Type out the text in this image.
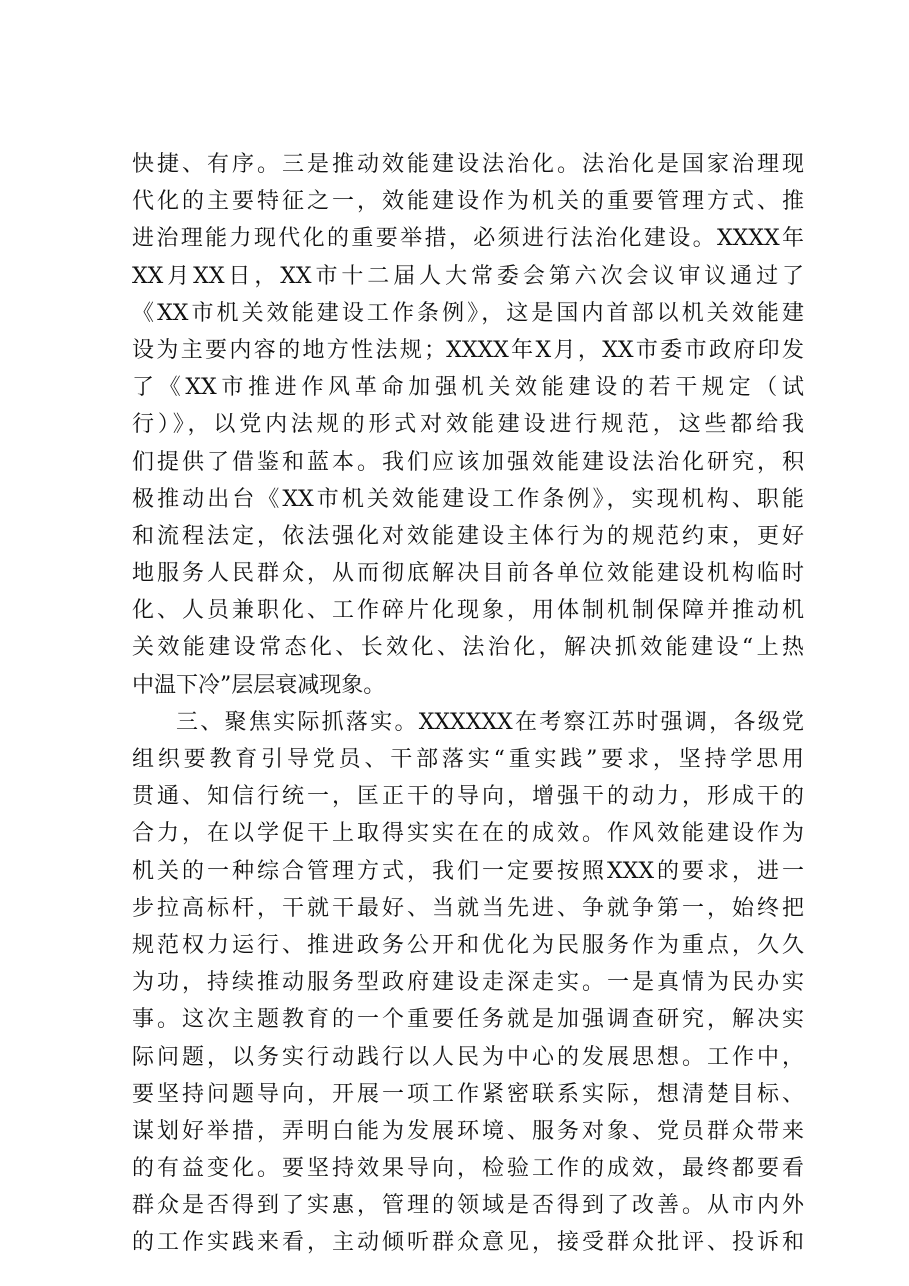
快捷、有序。三是推动效能建设法治化。法治化是国家治理现
代化的主要特征之一，效能建设作为机关的重要管理方式、推
进治理能力现代化的重要举措，必须进行法治化建设。XXXX年
XX月XX日，XX市十二届人大常委会第六次会议审议通过了
《XX市机关效能建设工作条例》，这是国内首部以机关效能建
设为主要内容的地方性法规；XXXX年X月，XX市委市政府印发
了《XX市推进作风革命加强机关效能建设的若干规定（试
行）》，以党内法规的形式对效能建设进行规范，这些都给我
们提供了借鉴和蓝本。我们应该加强效能建设法治化研究，积
极推动出台《XX市机关效能建设工作条例》，实现机构、职能
和流程法定，依法强化对效能建设主体行为的规范约束，更好
地服务人民群众，从而彻底解决目前各单位效能建设机构临时
化、人员兼职化、工作碎片化现象，用体制机制保障并推动机
关效能建设常态化、长效化、法治化，解决抓效能建设“上热
中温下冷”层层衰减现象。
三、聚焦实际抓落实。XXXXXX在考察江苏时强调，各级党
组织要教育引导党员、干部落实“重实践”要求，坚持学思用
贯通、知信行统一，匡正干的导向，增强干的动力，形成干的
合力，在以学促干上取得实实在在的成效。作风效能建设作为
机关的一种综合管理方式，我们一定要按照XXX的要求，进一
步拉高标杆，干就干最好、当就当先进、争就争第一，始终把
规范权力运行、推进政务公开和优化为民服务作为重点，久久
为功，持续推动服务型政府建设走深走实。一是真情为民办实
事。这次主题教育的一个重要任务就是加强调查研究，解决实
际问题，以务实行动践行以人民为中心的发展思想。工作中，
要坚持问题导向，开展一项工作紧密联系实际，想清楚目标、
谋划好举措，弄明白能为发展环境、服务对象、党员群众带来
的有益变化。要坚持效果导向，检验工作的成效，最终都要看
群众是否得到了实惠，管理的领域是否得到了改善。从市内外
的工作实践来看，主动倾听群众意见，接受群众批评、投诉和
